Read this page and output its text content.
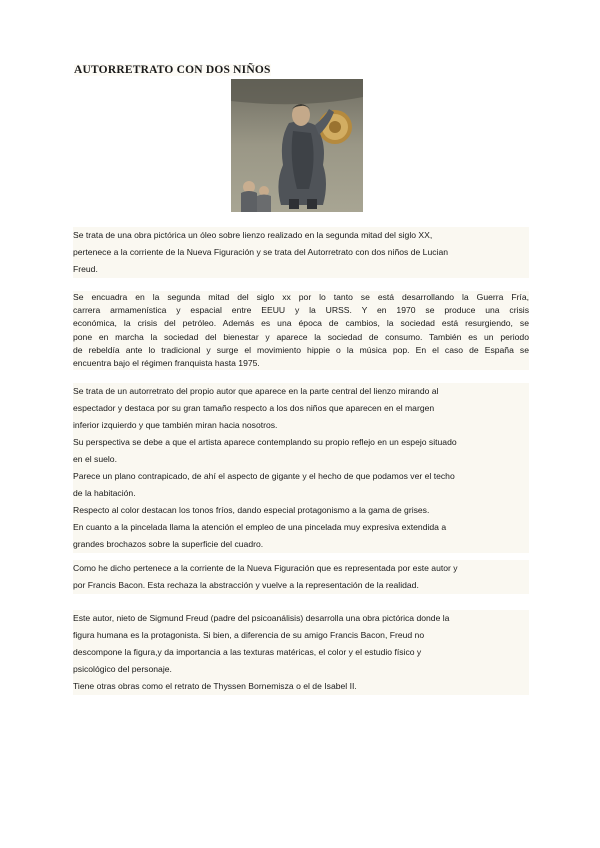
AUTORRETRATO CON DOS NIÑOS
Se trata de una obra pictórica un óleo sobre lienzo realizado en la segunda mitad del siglo XX,
pertenece a la corriente de la Nueva Figuración y se trata del Autorretrato con dos niños de Lucian
Freud.
Se encuadra en la segunda mitad del siglo xx por lo tanto se está desarrollando la Guerra Fría,
carrera armamenística y espacial entre EEUU y la URSS. Y en 1970 se produce una crisis
económica, la crisis del petróleo. Además es una época de cambios, la sociedad está resurgiendo, se
pone en marcha la sociedad del bienestar y aparece la sociedad de consumo. También es un periodo
de rebeldía ante lo tradicional y surge el movimiento hippie o la música pop. En el caso de España se
encuentra bajo el régimen franquista hasta 1975.
Se trata de un autorretrato del propio autor que aparece en la parte central del lienzo mirando al
espectador y destaca por su gran tamaño respecto a los dos niños que aparecen en el margen
inferior izquierdo y que también miran hacia nosotros.
Su perspectiva se debe a que el artista aparece contemplando su propio reflejo en un espejo situado
en el suelo.
Parece un plano contrapicado, de ahí el aspecto de gigante y el hecho de que podamos ver el techo
de la habitación.
Respecto al color destacan los tonos fríos, dando especial protagonismo a la gama de grises.
En cuanto a la pincelada llama la atención el empleo de una pincelada muy expresiva extendida a
grandes brochazos sobre la superficie del cuadro.
Como he dicho pertenece a la corriente de la Nueva Figuración que es representada por este autor y
por Francis Bacon. Esta rechaza la abstracción y vuelve a la representación de la realidad.
Este autor, nieto de Sigmund Freud (padre del psicoanálisis) desarrolla una obra pictórica donde la
figura humana es la protagonista. Si bien, a diferencia de su amigo Francis Bacon, Freud no
descompone la figura,y da importancia a las texturas matéricas, el color y el estudio físico y
psicológico del personaje.
Tiene otras obras como el retrato de Thyssen Bornemisza o el de Isabel II.
